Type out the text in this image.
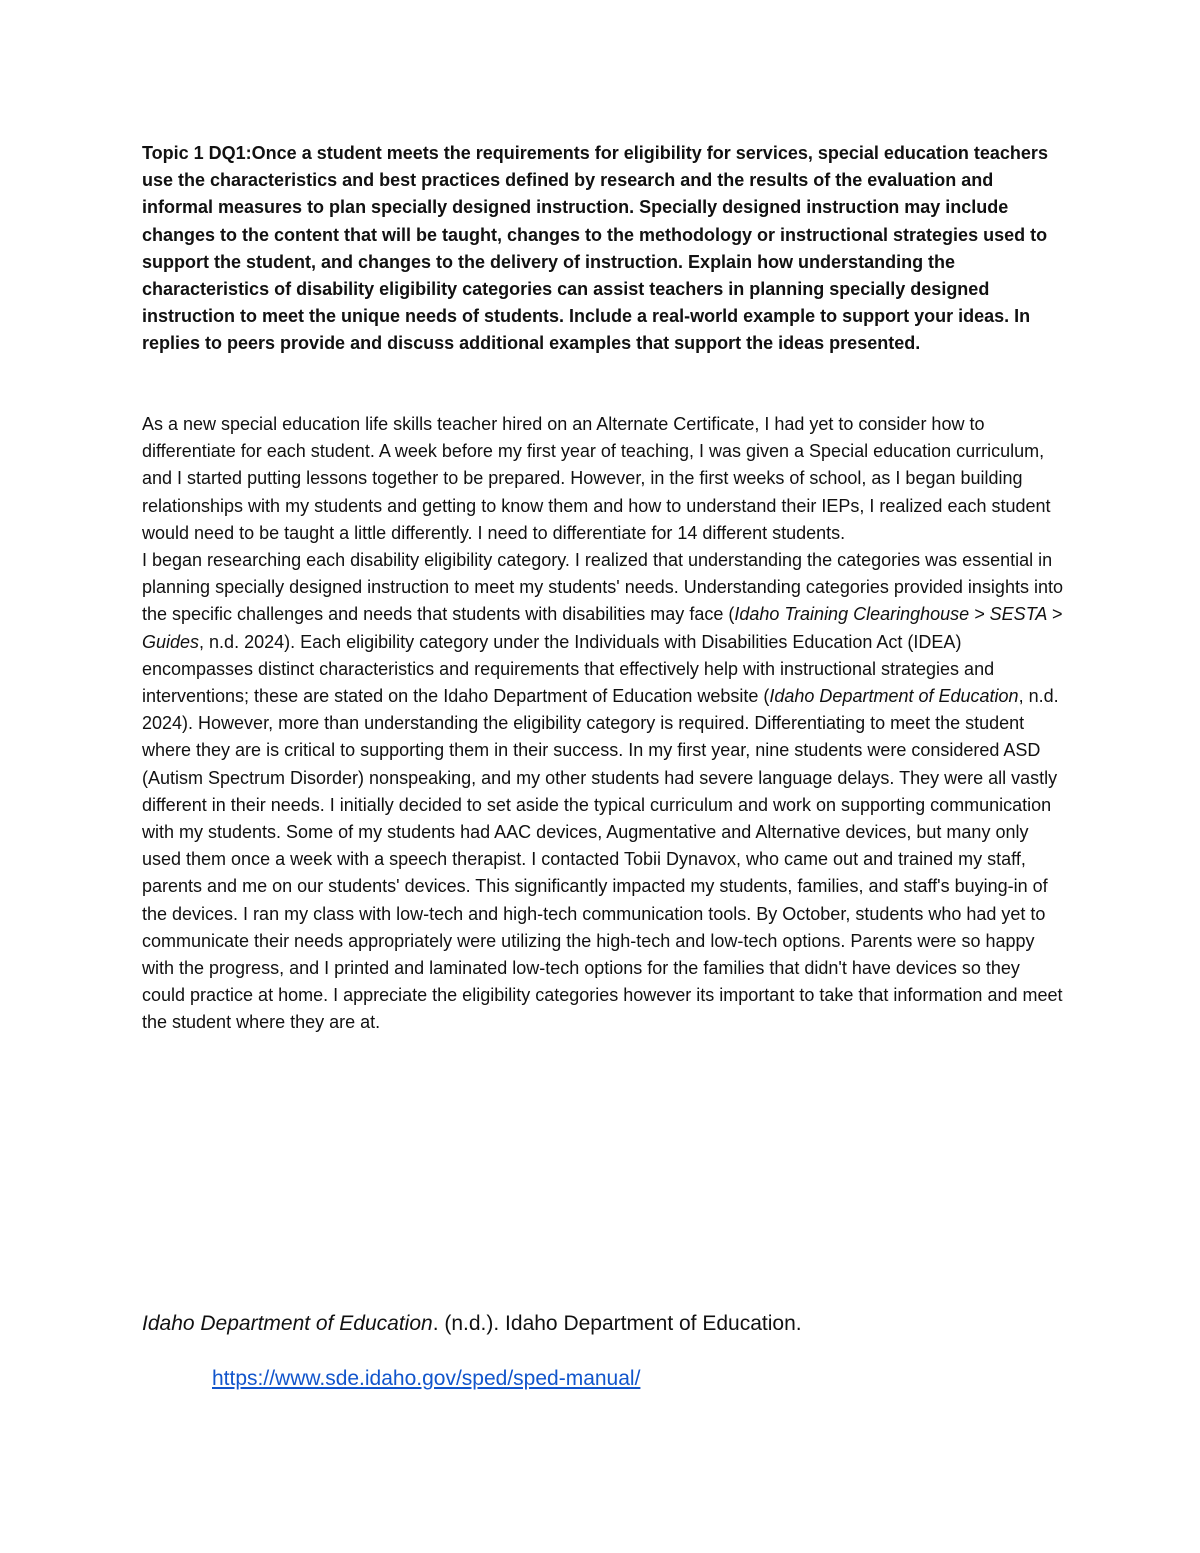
Topic 1 DQ1:Once a student meets the requirements for eligibility for services, special education teachers use the characteristics and best practices defined by research and the results of the evaluation and informal measures to plan specially designed instruction. Specially designed instruction may include changes to the content that will be taught, changes to the methodology or instructional strategies used to support the student, and changes to the delivery of instruction. Explain how understanding the characteristics of disability eligibility categories can assist teachers in planning specially designed instruction to meet the unique needs of students. Include a real-world example to support your ideas. In replies to peers provide and discuss additional examples that support the ideas presented.

As a new special education life skills teacher hired on an Alternate Certificate, I had yet to consider how to differentiate for each student. A week before my first year of teaching, I was given a Special education curriculum, and I started putting lessons together to be prepared. However, in the first weeks of school, as I began building relationships with my students and getting to know them and how to understand their IEPs, I realized each student would need to be taught a little differently. I need to differentiate for 14 different students.

I began researching each disability eligibility category. I realized that understanding the categories was essential in planning specially designed instruction to meet my students' needs. Understanding categories provided insights into the specific challenges and needs that students with disabilities may face (Idaho Training Clearinghouse > SESTA > Guides, n.d. 2024). Each eligibility category under the Individuals with Disabilities Education Act (IDEA) encompasses distinct characteristics and requirements that effectively help with instructional strategies and interventions; these are stated on the Idaho Department of Education website (Idaho Department of Education, n.d. 2024). However, more than understanding the eligibility category is required. Differentiating to meet the student where they are is critical to supporting them in their success. In my first year, nine students were considered ASD (Autism Spectrum Disorder) nonspeaking, and my other students had severe language delays. They were all vastly different in their needs. I initially decided to set aside the typical curriculum and work on supporting communication with my students. Some of my students had AAC devices, Augmentative and Alternative devices, but many only used them once a week with a speech therapist. I contacted Tobii Dynavox, who came out and trained my staff, parents and me on our students' devices. This significantly impacted my students, families, and staff's buying-in of the devices. I ran my class with low-tech and high-tech communication tools. By October, students who had yet to communicate their needs appropriately were utilizing the high-tech and low-tech options. Parents were so happy with the progress, and I printed and laminated low-tech options for the families that didn't have devices so they could practice at home. I appreciate the eligibility categories however its important to take that information and meet the student where they are at.

Idaho Department of Education. (n.d.). Idaho Department of Education.

https://www.sde.idaho.gov/sped/sped-manual/
